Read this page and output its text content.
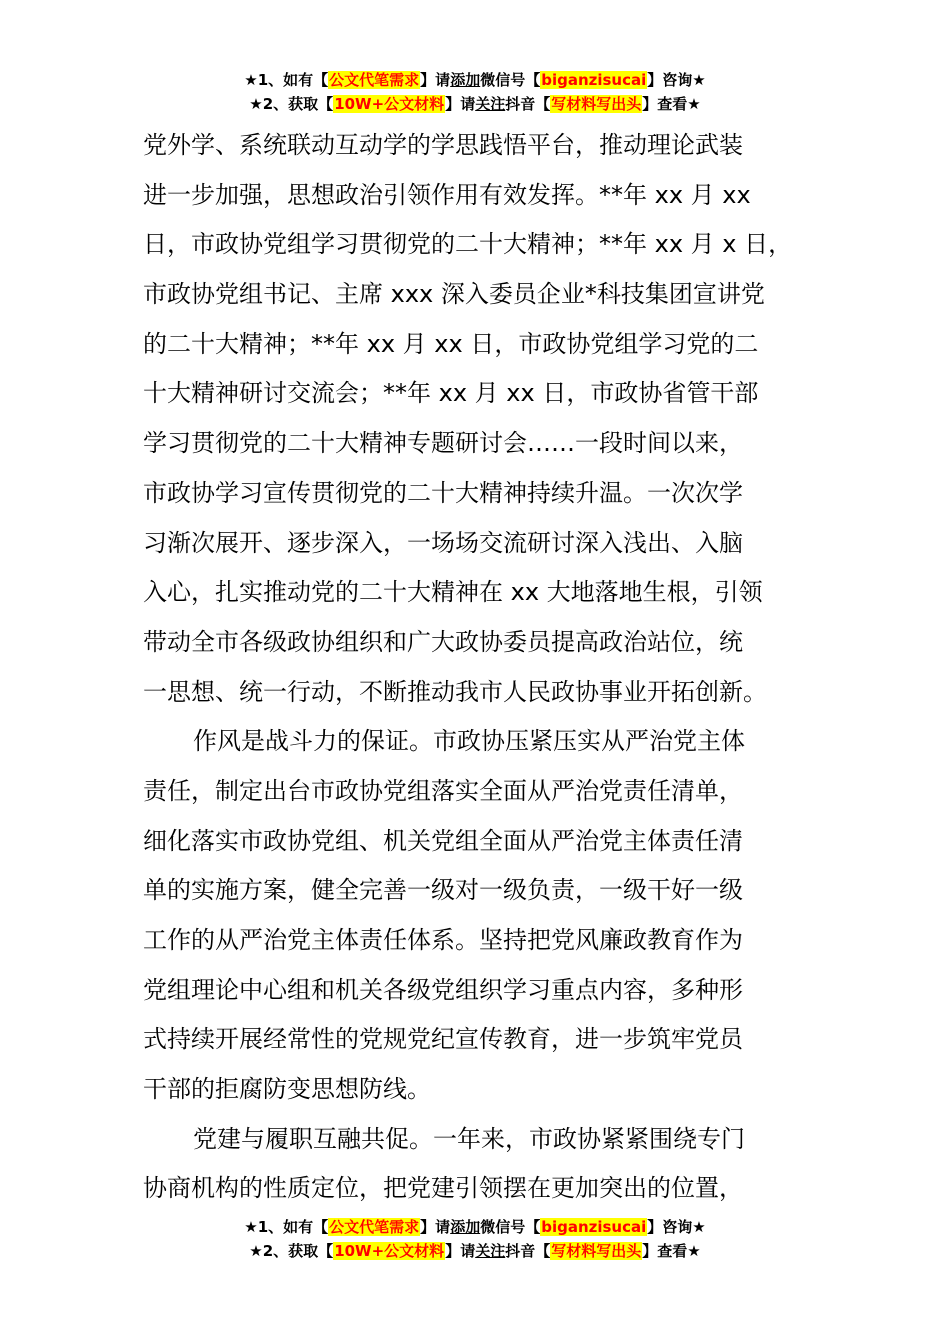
★1、如有【公文代笔需求】请添加微信号【biganzisucai】咨询★
★2、获取【10W+公文材料】请关注抖音【写材料写出头】查看★
党外学、系统联动互动学的学思践悟平台，推动理论武装
进一步加强，思想政治引领作用有效发挥。**年 xx 月 xx
日，市政协党组学习贯彻党的二十大精神；**年 xx 月 x 日，
市政协党组书记、主席 xxx 深入委员企业*科技集团宣讲党
的二十大精神；**年 xx 月 xx 日，市政协党组学习党的二
十大精神研讨交流会；**年 xx 月 xx 日，市政协省管干部
学习贯彻党的二十大精神专题研讨会……一段时间以来，
市政协学习宣传贯彻党的二十大精神持续升温。一次次学
习渐次展开、逐步深入，一场场交流研讨深入浅出、入脑
入心，扎实推动党的二十大精神在 xx 大地落地生根，引领
带动全市各级政协组织和广大政协委员提高政治站位，统
一思想、统一行动，不断推动我市人民政协事业开拓创新。
作风是战斗力的保证。市政协压紧压实从严治党主体
责任，制定出台市政协党组落实全面从严治党责任清单，
细化落实市政协党组、机关党组全面从严治党主体责任清
单的实施方案，健全完善一级对一级负责，一级干好一级
工作的从严治党主体责任体系。坚持把党风廉政教育作为
党组理论中心组和机关各级党组织学习重点内容，多种形
式持续开展经常性的党规党纪宣传教育，进一步筑牢党员
干部的拒腐防变思想防线。
党建与履职互融共促。一年来，市政协紧紧围绕专门
协商机构的性质定位，把党建引领摆在更加突出的位置，
★1、如有【公文代笔需求】请添加微信号【biganzisucai】咨询★
★2、获取【10W+公文材料】请关注抖音【写材料写出头】查看★
